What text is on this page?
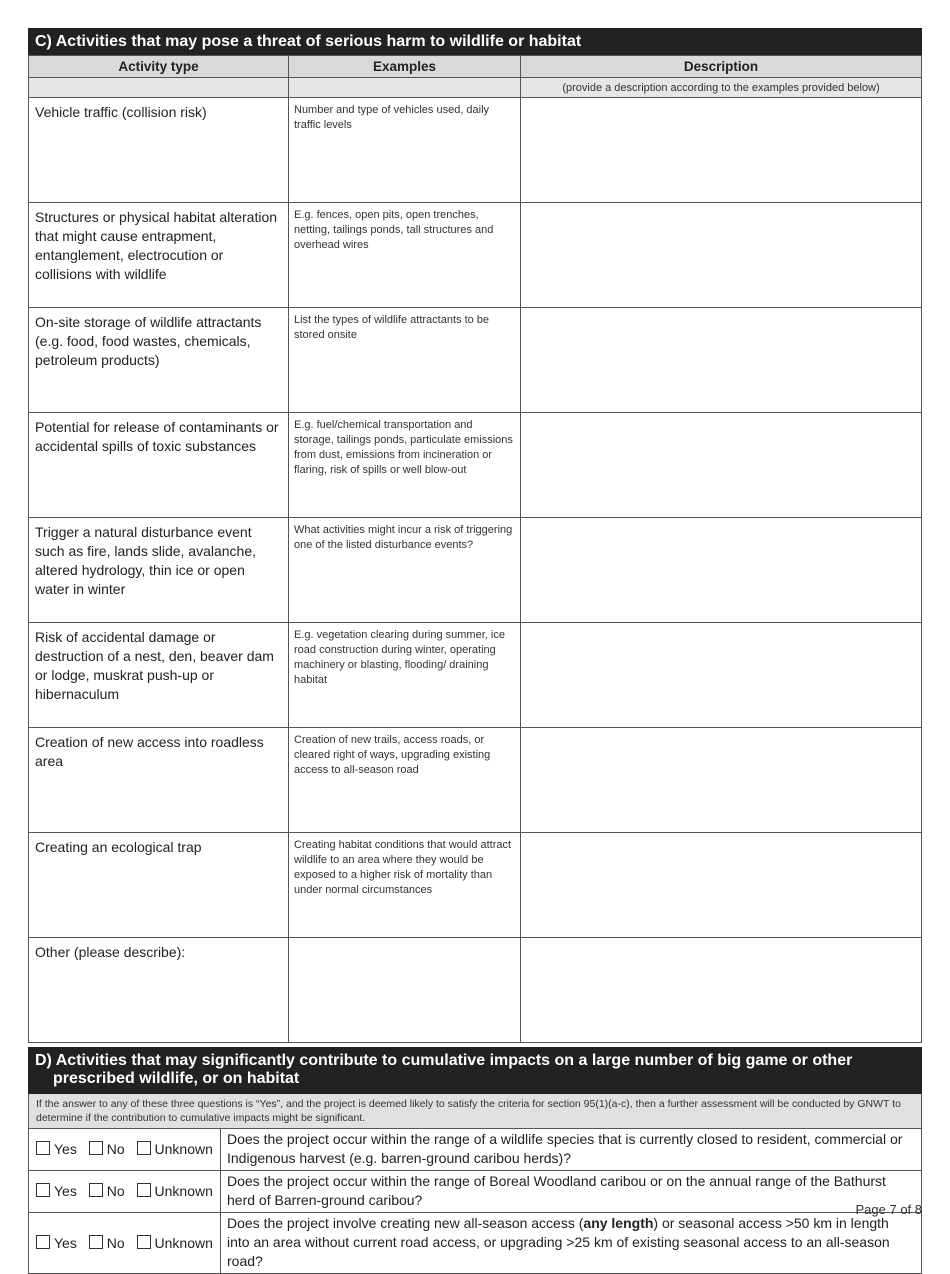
C) Activities that may pose a threat of serious harm to wildlife or habitat
Activity type	Examples	Description
		(provide a description according to the examples provided below)
Vehicle traffic (collision risk)	Number and type of vehicles used, daily traffic levels	
Structures or physical habitat alteration that might cause entrapment, entanglement, electrocution or collisions with wildlife	E.g. fences, open pits, open trenches, netting, tailings ponds, tall structures and overhead wires	
On-site storage of wildlife attractants (e.g. food, food wastes, chemicals, petroleum products)	List the types of wildlife attractants to be stored onsite	
Potential for release of contaminants or accidental spills of toxic substances	E.g. fuel/chemical transportation and storage, tailings ponds, particulate emissions from dust, emissions from incineration or flaring, risk of spills or well blow-out	
Trigger a natural disturbance event such as fire, lands slide, avalanche, altered hydrology, thin ice or open water in winter	What activities might incur a risk of triggering one of the listed disturbance events?	
Risk of accidental damage or destruction of a nest, den, beaver dam or lodge, muskrat push-up or hibernaculum	E.g. vegetation clearing during summer, ice road construction during winter, operating machinery or blasting, flooding/ draining habitat	
Creation of new access into roadless area	Creation of new trails, access roads, or cleared right of ways, upgrading existing access to all-season road	
Creating an ecological trap	Creating habitat conditions that would attract wildlife to an area where they would be exposed to a higher risk of mortality than under normal circumstances	
Other (please describe):		
D) Activities that may significantly contribute to cumulative impacts on a large number of big game or other
prescribed wildlife, or on habitat
If the answer to any of these three questions is “Yes”, and the project is deemed likely to satisfy the criteria for section 95(1)(a-c), then a further assessment will be conducted by GNWT to determine if the contribution to cumulative impacts might be significant.
Yes No Unknown	Does the project occur within the range of a wildlife species that is currently closed to resident, commercial or Indigenous harvest (e.g. barren-ground caribou herds)?
Yes No Unknown	Does the project occur within the range of Boreal Woodland caribou or on the annual range of the Bathurst herd of Barren-ground caribou?
Yes No Unknown	Does the project involve creating new all-season access (any length) or seasonal access >50 km in length into an area without current road access, or upgrading >25 km of existing seasonal access to an all-season road?
Page 7 of 8
